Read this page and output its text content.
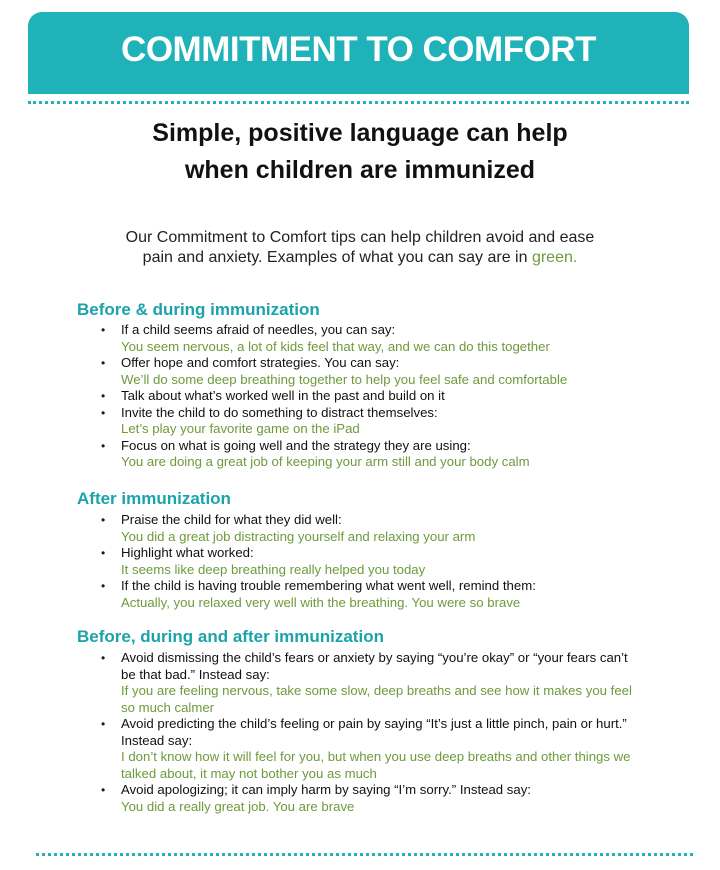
COMMITMENT TO COMFORT
Simple, positive language can help
when children are immunized
Our Commitment to Comfort tips can help children avoid and ease
pain and anxiety. Examples of what you can say are in green.
Before & during immunization
• If a child seems afraid of needles, you can say:
You seem nervous, a lot of kids feel that way, and we can do this together
• Offer hope and comfort strategies. You can say:
We’ll do some deep breathing together to help you feel safe and comfortable
• Talk about what’s worked well in the past and build on it
• Invite the child to do something to distract themselves:
Let’s play your favorite game on the iPad
• Focus on what is going well and the strategy they are using:
You are doing a great job of keeping your arm still and your body calm
After immunization
• Praise the child for what they did well:
You did a great job distracting yourself and relaxing your arm
• Highlight what worked:
It seems like deep breathing really helped you today
• If the child is having trouble remembering what went well, remind them:
Actually, you relaxed very well with the breathing. You were so brave
Before, during and after immunization
• Avoid dismissing the child’s fears or anxiety by saying “you’re okay” or “your fears can’t be that bad.” Instead say:
If you are feeling nervous, take some slow, deep breaths and see how it makes you feel so much calmer
• Avoid predicting the child’s feeling or pain by saying “It’s just a little pinch, pain or hurt.” Instead say:
I don’t know how it will feel for you, but when you use deep breaths and other things we talked about, it may not bother you as much
• Avoid apologizing; it can imply harm by saying “I’m sorry.” Instead say:
You did a really great job. You are brave
